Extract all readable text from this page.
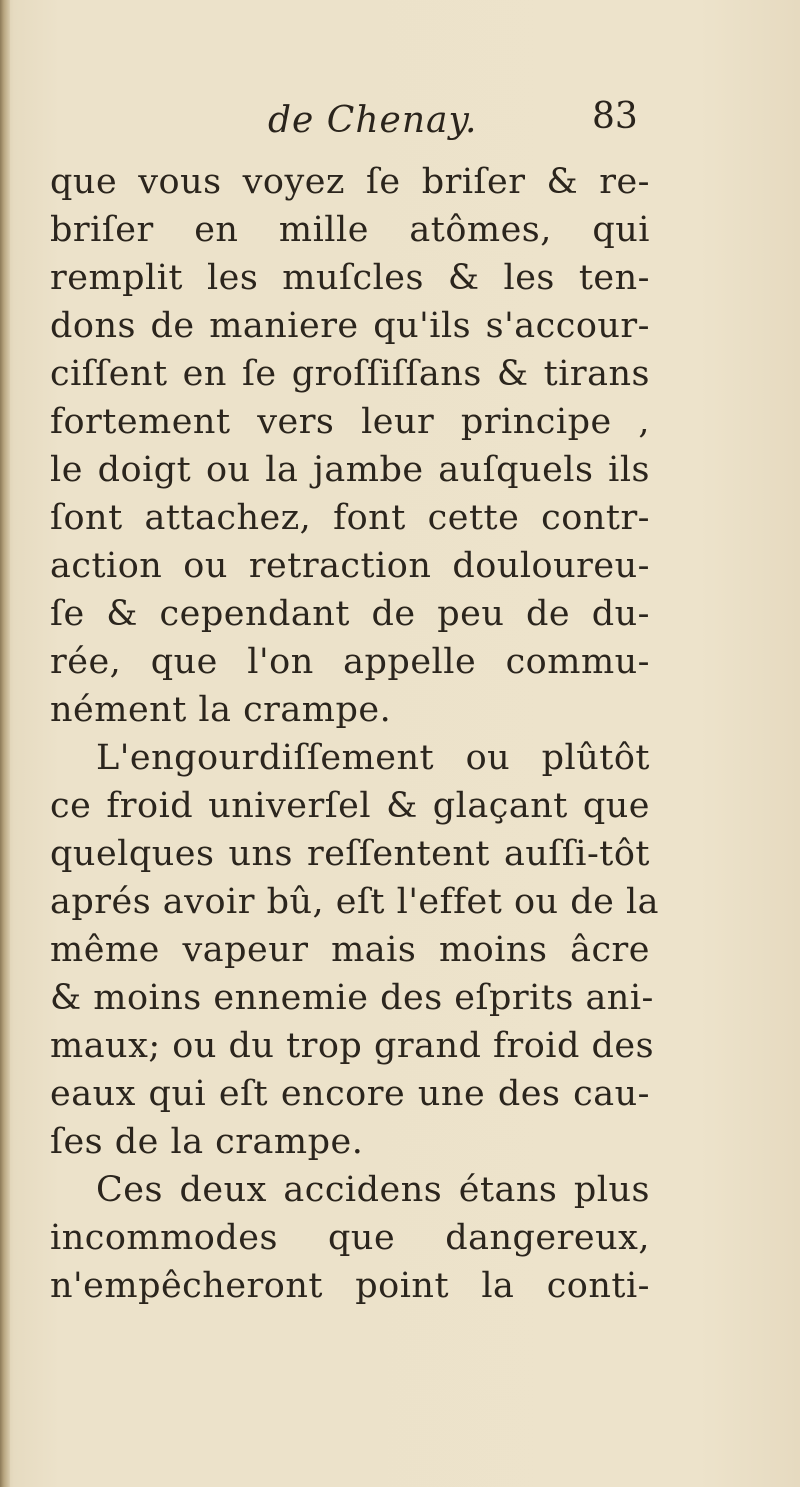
de Chenay.	83
que vous voyez ſe briſer & re-
briſer en mille atômes, qui
remplit les muſcles & les ten-
dons de maniere qu'ils s'accour-
ciſſent en ſe groſſiſſans & tirans
fortement vers leur principe ,
le doigt ou la jambe auſquels ils
ſont attachez, font cette contr-
action ou retraction douloureu-
ſe & cependant de peu de du-
rée, que l'on appelle commu-
nément la crampe.
L'engourdiſſement ou plûtôt
ce froid univerſel & glaçant que
quelques uns reſſentent auſſi-tôt
aprés avoir bû, eſt l'effet ou de la
même vapeur mais moins âcre
& moins ennemie des eſprits ani-
maux; ou du trop grand froid des
eaux qui eſt encore une des cau-
ſes de la crampe.
Ces deux accidens étans plus
incommodes que dangereux,
n'empêcheront point la conti-
